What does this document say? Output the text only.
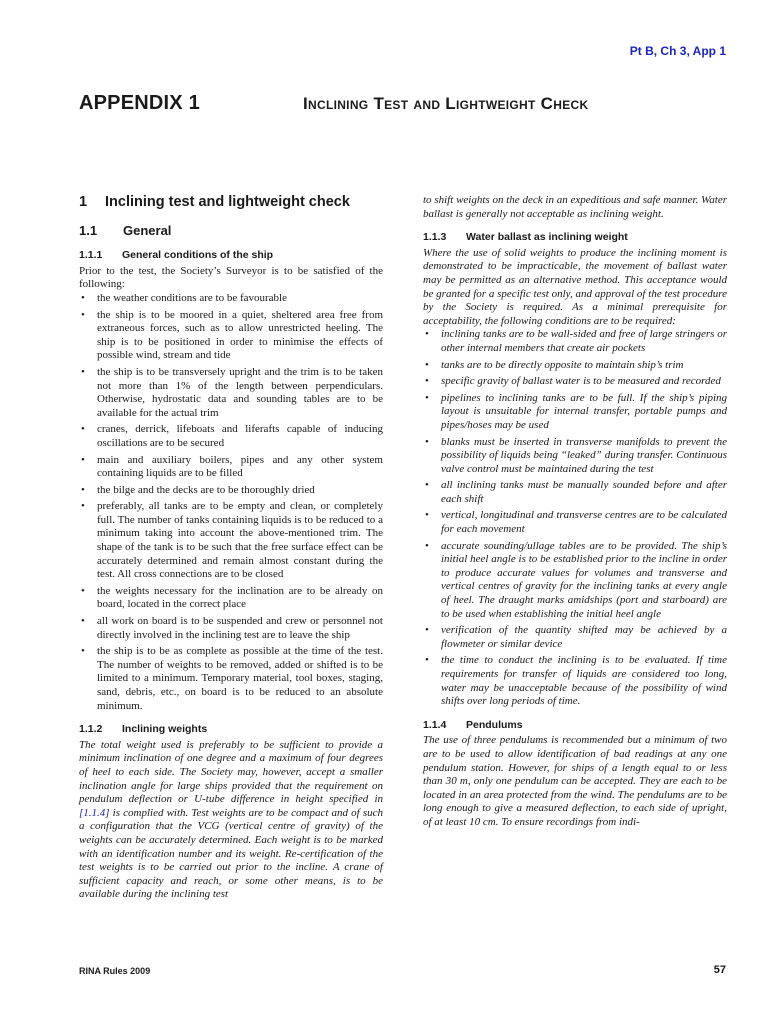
Pt B, Ch 3, App 1
APPENDIX 1	Inclining Test and Lightweight Check
1 Inclining test and lightweight check
1.1 General
1.1.1 General conditions of the ship

Prior to the test, the Society’s Surveyor is to be satisfied of the following:

• the weather conditions are to be favourable
• the ship is to be moored in a quiet, sheltered area free from extraneous forces, such as to allow unrestricted heeling. The ship is to be positioned in order to minimise the effects of possible wind, stream and tide
• the ship is to be transversely upright and the trim is to be taken not more than 1% of the length between perpendiculars. Otherwise, hydrostatic data and sounding tables are to be available for the actual trim
• cranes, derrick, lifeboats and liferafts capable of inducing oscillations are to be secured
• main and auxiliary boilers, pipes and any other system containing liquids are to be filled
• the bilge and the decks are to be thoroughly dried
• preferably, all tanks are to be empty and clean, or completely full. The number of tanks containing liquids is to be reduced to a minimum taking into account the above-mentioned trim. The shape of the tank is to be such that the free surface effect can be accurately determined and remain almost constant during the test. All cross connections are to be closed
• the weights necessary for the inclination are to be already on board, located in the correct place
• all work on board is to be suspended and crew or personnel not directly involved in the inclining test are to leave the ship
• the ship is to be as complete as possible at the time of the test. The number of weights to be removed, added or shifted is to be limited to a minimum. Temporary material, tool boxes, staging, sand, debris, etc., on board is to be reduced to an absolute minimum.
1.1.2 Inclining weights

The total weight used is preferably to be sufficient to provide a minimum inclination of one degree and a maximum of four degrees of heel to each side. The Society may, however, accept a smaller inclination angle for large ships provided that the requirement on pendulum deflection or U-tube difference in height specified in [1.1.4] is complied with. Test weights are to be compact and of such a configuration that the VCG (vertical centre of gravity) of the weights can be accurately determined. Each weight is to be marked with an identification number and its weight. Re-certification of the test weights is to be carried out prior to the incline. A crane of sufficient capacity and reach, or some other means, is to be available during the inclining test

to shift weights on the deck in an expeditious and safe manner. Water ballast is generally not acceptable as inclining weight.

1.1.3 Water ballast as inclining weight

Where the use of solid weights to produce the inclining moment is demonstrated to be impracticable, the movement of ballast water may be permitted as an alternative method. This acceptance would be granted for a specific test only, and approval of the test procedure by the Society is required. As a minimal prerequisite for acceptability, the following conditions are to be required:

• inclining tanks are to be wall-sided and free of large stringers or other internal members that create air pockets
• tanks are to be directly opposite to maintain ship’s trim
• specific gravity of ballast water is to be measured and recorded
• pipelines to inclining tanks are to be full. If the ship’s piping layout is unsuitable for internal transfer, portable pumps and pipes/hoses may be used
• blanks must be inserted in transverse manifolds to prevent the possibility of liquids being “leaked” during transfer. Continuous valve control must be maintained during the test
• all inclining tanks must be manually sounded before and after each shift
• vertical, longitudinal and transverse centres are to be calculated for each movement
• accurate sounding/ullage tables are to be provided. The ship’s initial heel angle is to be established prior to the incline in order to produce accurate values for volumes and transverse and vertical centres of gravity for the inclining tanks at every angle of heel. The draught marks amidships (port and starboard) are to be used when establishing the initial heel angle
• verification of the quantity shifted may be achieved by a flowmeter or similar device
• the time to conduct the inclining is to be evaluated. If time requirements for transfer of liquids are considered too long, water may be unacceptable because of the possibility of wind shifts over long periods of time.
1.1.4 Pendulums

The use of three pendulums is recommended but a minimum of two are to be used to allow identification of bad readings at any one pendulum station. However, for ships of a length equal to or less than 30 m, only one pendulum can be accepted. They are each to be located in an area protected from the wind. The pendulums are to be long enough to give a measured deflection, to each side of upright, of at least 10 cm. To ensure recordings from indi-

RINA Rules 2009	57
